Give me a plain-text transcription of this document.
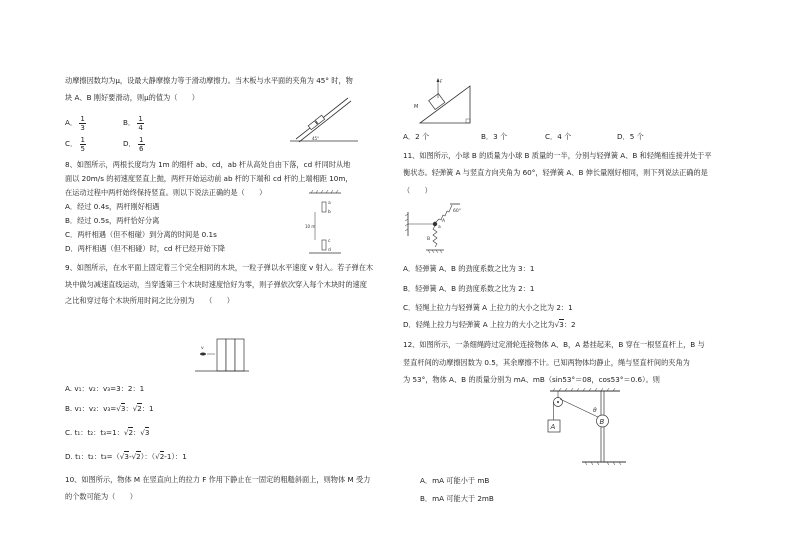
动摩擦因数均为μ，设最大静摩擦力等于滑动摩擦力。当木板与水平面的夹角为 45° 时，物
块 A、B 刚好要滑动，则μ的值为（　　）
A． $\frac{1}{3}$	B． $\frac{1}{4}$
C． $\frac{1}{5}$	D． $\frac{1}{6}$	45°
8、如图所示，两根长度均为 1m 的细杆 ab、cd，ab 杆从高处自由下落，cd 杆同时从地
面以 20m/s 的初速度竖直上抛，两杆开始运动前 ab 杆的下端和 cd 杆的上端相距 10m，
在运动过程中两杆始终保持竖直。则以下说法正确的是（　　）
A．经过 0.4s，两杆刚好相遇
B．经过 0.5s，两杆恰好分离
C．两杆相遇（但不相碰）到分离的时间是 0.1s
D．两杆相遇（但不相碰）时，cd 杆已经开始下降
a
b
c
d
10 m
9、如图所示，在水平面上固定着三个完全相同的木块，一粒子弹以水平速度 v 射入。若子弹在木
块中做匀减速直线运动，当穿透第三个木块时速度恰好为零，则子弹依次穿入每个木块时的速度
之比和穿过每个木块所用时间之比分别为　　（　　）
v
A. v₁：v₂：v₃=3：2：1
B. v₁：v₂：v₃=√3：√2：1
C. t₁：t₂：t₃=1：√2：√3
D. t₁：t₂：t₃=（√3-√2）：（√2-1）：1
10、如图所示，物体 M 在竖直向上的拉力 F 作用下静止在一固定的粗糙斜面上，则物体 M 受力
的个数可能为（　　）
F
M
A．2 个	B．3 个	C．4 个	D．5 个
11、如图所示，小球 B 的质量为小球 B 质量的一半，分别与轻弹簧 A、B 和轻绳相连接并处于平
衡状态。轻弹簧 A 与竖直方向夹角为 60°，轻弹簧 A、B 伸长量刚好相同，则下列说法正确的是
（　　）
60°
A
a
B
A．轻弹簧 A、B 的劲度系数之比为 3：1
B．轻弹簧 A、B 的劲度系数之比为 2：1
C．轻绳上拉力与轻弹簧 A 上拉力的大小之比为 2：1
D．轻绳上拉力与轻弹簧 A 上拉力的大小之比为√3：2
12、如图所示，一条细绳跨过定滑轮连接物体 A、B，A 悬挂起来，B 穿在一根竖直杆上，B 与
竖直杆间的动摩擦因数为 0.5，其余摩擦不计。已知两物体均静止，绳与竖直杆间的夹角为
为 53°，物体 A、B 的质量分别为 mA、mB（sin53°＝08，cos53°＝0.6）。则
A
B
θ
A．mA 可能小于 mB
B．mA 可能大于 2mB
